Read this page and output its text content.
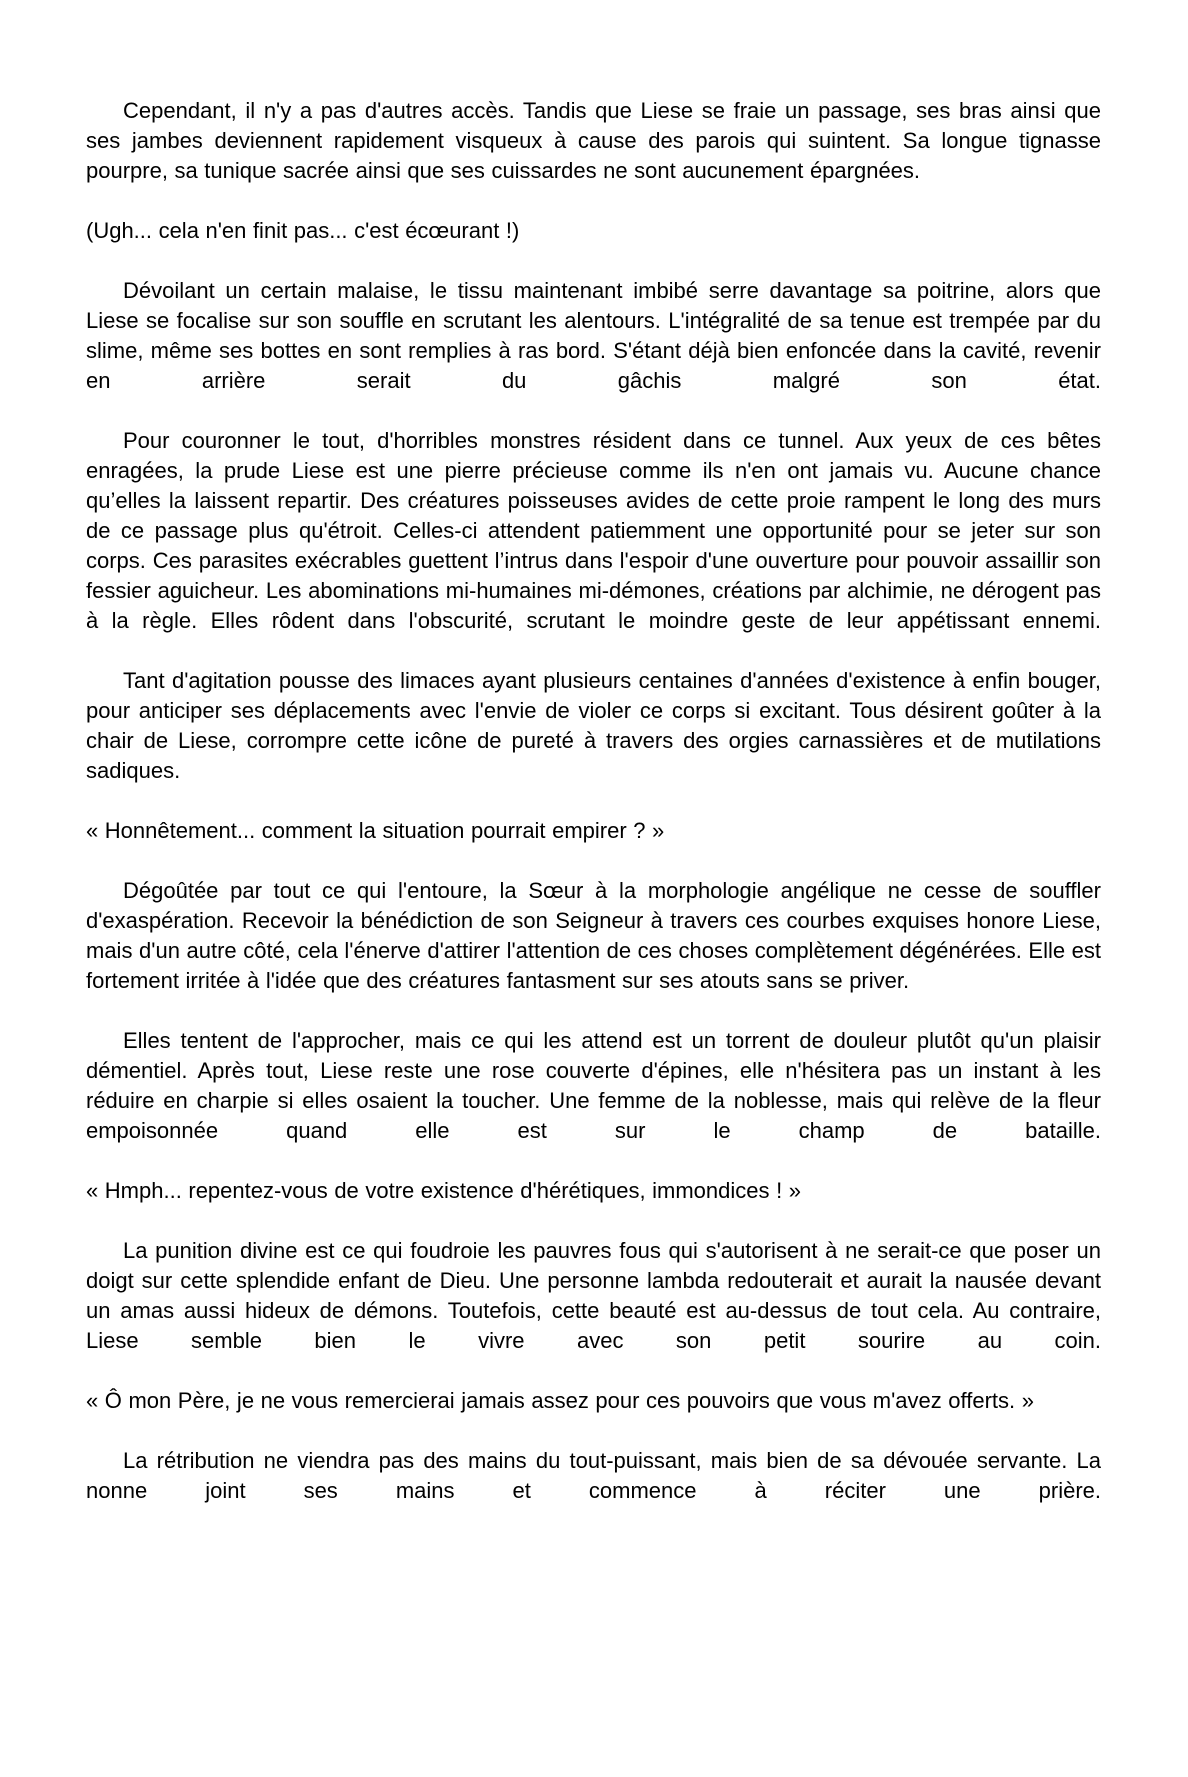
Cependant, il n'y a pas d'autres accès. Tandis que Liese se fraie un passage, ses bras ainsi que ses jambes deviennent rapidement visqueux à cause des parois qui suintent. Sa longue tignasse pourpre, sa tunique sacrée ainsi que ses cuissardes ne sont aucunement épargnées.

(Ugh... cela n'en finit pas... c'est écœurant !)

Dévoilant un certain malaise, le tissu maintenant imbibé serre davantage sa poitrine, alors que Liese se focalise sur son souffle en scrutant les alentours. L'intégralité de sa tenue est trempée par du slime, même ses bottes en sont remplies à ras bord. S'étant déjà bien enfoncée dans la cavité, revenir en arrière serait du gâchis malgré son état.

Pour couronner le tout, d'horribles monstres résident dans ce tunnel. Aux yeux de ces bêtes enragées, la prude Liese est une pierre précieuse comme ils n'en ont jamais vu. Aucune chance qu’elles la laissent repartir. Des créatures poisseuses avides de cette proie rampent le long des murs de ce passage plus qu'étroit. Celles-ci attendent patiemment une opportunité pour se jeter sur son corps. Ces parasites exécrables guettent l’intrus dans l'espoir d'une ouverture pour pouvoir assaillir son fessier aguicheur. Les abominations mi-humaines mi-démones, créations par alchimie, ne dérogent pas à la règle. Elles rôdent dans l'obscurité, scrutant le moindre geste de leur appétissant ennemi.

Tant d'agitation pousse des limaces ayant plusieurs centaines d'années d'existence à enfin bouger, pour anticiper ses déplacements avec l'envie de violer ce corps si excitant. Tous désirent goûter à la chair de Liese, corrompre cette icône de pureté à travers des orgies carnassières et de mutilations sadiques.

« Honnêtement... comment la situation pourrait empirer ? »

Dégoûtée par tout ce qui l'entoure, la Sœur à la morphologie angélique ne cesse de souffler d'exaspération. Recevoir la bénédiction de son Seigneur à travers ces courbes exquises honore Liese, mais d'un autre côté, cela l'énerve d'attirer l'attention de ces choses complètement dégénérées. Elle est fortement irritée à l'idée que des créatures fantasment sur ses atouts sans se priver.

Elles tentent de l'approcher, mais ce qui les attend est un torrent de douleur plutôt qu'un plaisir démentiel. Après tout, Liese reste une rose couverte d'épines, elle n'hésitera pas un instant à les réduire en charpie si elles osaient la toucher. Une femme de la noblesse, mais qui relève de la fleur empoisonnée quand elle est sur le champ de bataille.

« Hmph... repentez-vous de votre existence d'hérétiques, immondices ! »

La punition divine est ce qui foudroie les pauvres fous qui s'autorisent à ne serait-ce que poser un doigt sur cette splendide enfant de Dieu. Une personne lambda redouterait et aurait la nausée devant un amas aussi hideux de démons. Toutefois, cette beauté est au-dessus de tout cela. Au contraire, Liese semble bien le vivre avec son petit sourire au coin.

« Ô mon Père, je ne vous remercierai jamais assez pour ces pouvoirs que vous m'avez offerts. »

La rétribution ne viendra pas des mains du tout-puissant, mais bien de sa dévouée servante. La nonne joint ses mains et commence à réciter une prière.
